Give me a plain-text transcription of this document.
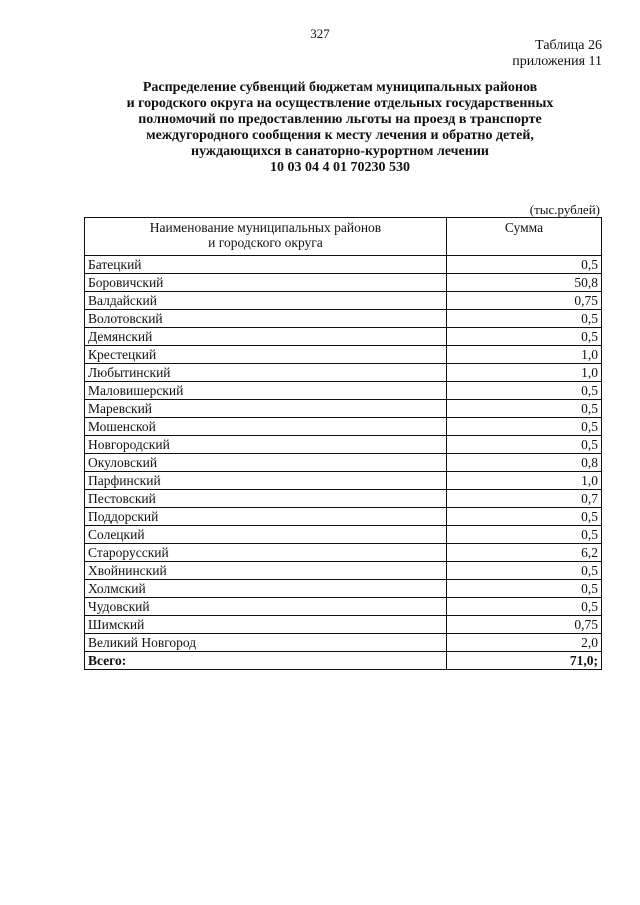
327
Таблица 26
приложения 11
Распределение субвенций бюджетам муниципальных районов
и городского округа на осуществление отдельных государственных
полномочий по предоставлению льготы на проезд в транспорте
междугородного сообщения к месту лечения и обратно детей,
нуждающихся в санаторно-курортном лечении
10 03 04 4 01 70230 530
(тыс.рублей)
Наименование муниципальных районов
и городского округа	Сумма
Батецкий	0,5
Боровичский	50,8
Валдайский	0,75
Волотовский	0,5
Демянский	0,5
Крестецкий	1,0
Любытинский	1,0
Маловишерский	0,5
Маревский	0,5
Мошенской	0,5
Новгородский	0,5
Окуловский	0,8
Парфинский	1,0
Пестовский	0,7
Поддорский	0,5
Солецкий	0,5
Старорусский	6,2
Хвойнинский	0,5
Холмский	0,5
Чудовский	0,5
Шимский	0,75
Великий Новгород	2,0
Всего:	71,0;
